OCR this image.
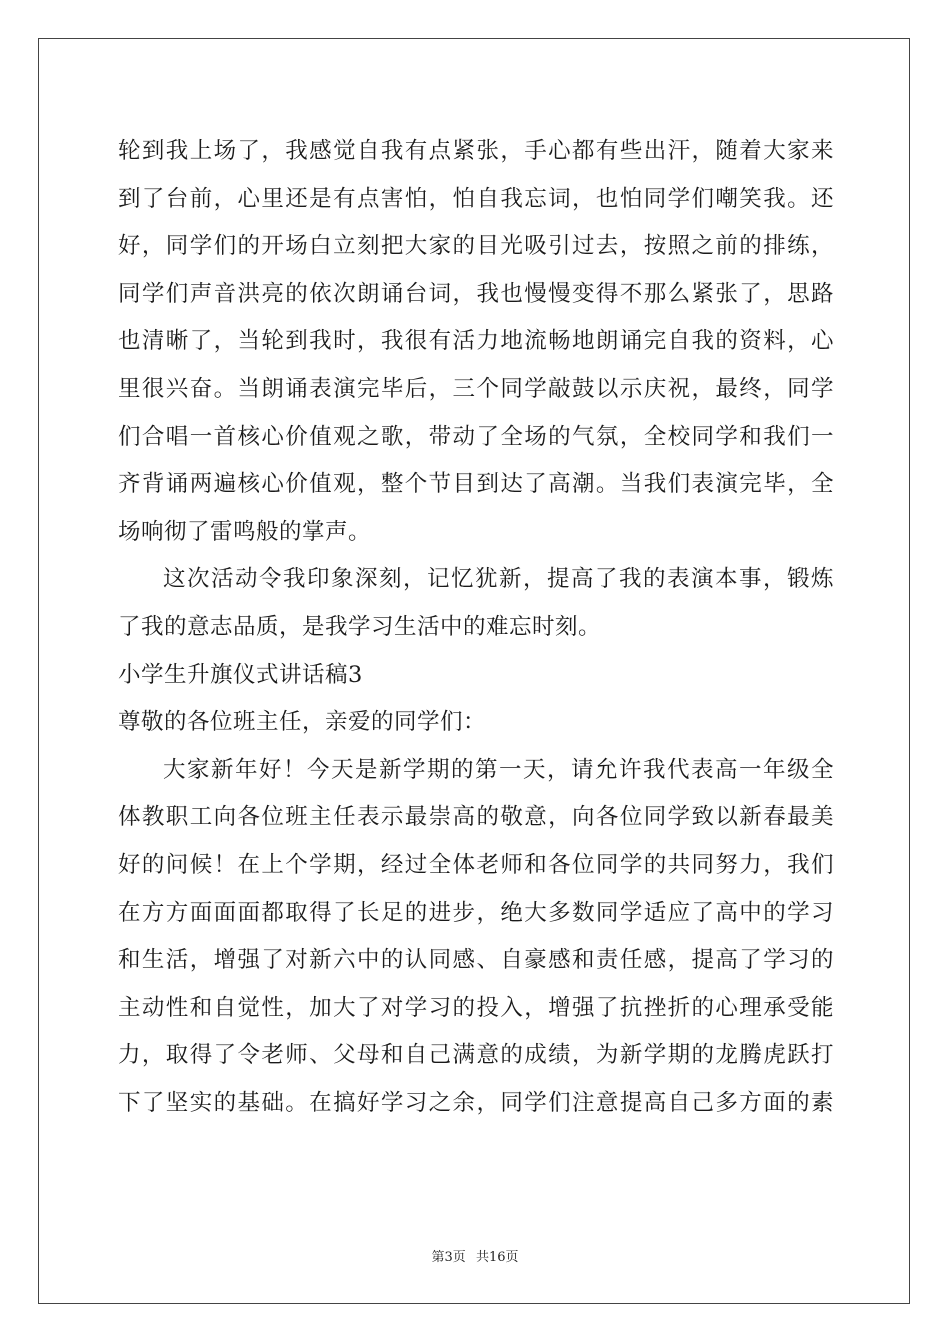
轮到我上场了，我感觉自我有点紧张，手心都有些出汗，随着大家来
到了台前，心里还是有点害怕，怕自我忘词，也怕同学们嘲笑我。还
好，同学们的开场白立刻把大家的目光吸引过去，按照之前的排练，
同学们声音洪亮的依次朗诵台词，我也慢慢变得不那么紧张了，思路
也清晰了，当轮到我时，我很有活力地流畅地朗诵完自我的资料，心
里很兴奋。当朗诵表演完毕后，三个同学敲鼓以示庆祝，最终，同学
们合唱一首核心价值观之歌，带动了全场的气氛，全校同学和我们一
齐背诵两遍核心价值观，整个节目到达了高潮。当我们表演完毕，全
场响彻了雷鸣般的掌声。
这次活动令我印象深刻，记忆犹新，提高了我的表演本事，锻炼
了我的意志品质，是我学习生活中的难忘时刻。
小学生升旗仪式讲话稿3
尊敬的各位班主任，亲爱的同学们：
大家新年好！今天是新学期的第一天，请允许我代表高一年级全
体教职工向各位班主任表示最崇高的敬意，向各位同学致以新春最美
好的问候！在上个学期，经过全体老师和各位同学的共同努力，我们
在方方面面面都取得了长足的进步，绝大多数同学适应了高中的学习
和生活，增强了对新六中的认同感、自豪感和责任感，提高了学习的
主动性和自觉性，加大了对学习的投入，增强了抗挫折的心理承受能
力，取得了令老师、父母和自己满意的成绩，为新学期的龙腾虎跃打
下了坚实的基础。在搞好学习之余，同学们注意提高自己多方面的素
第3页 共16页
